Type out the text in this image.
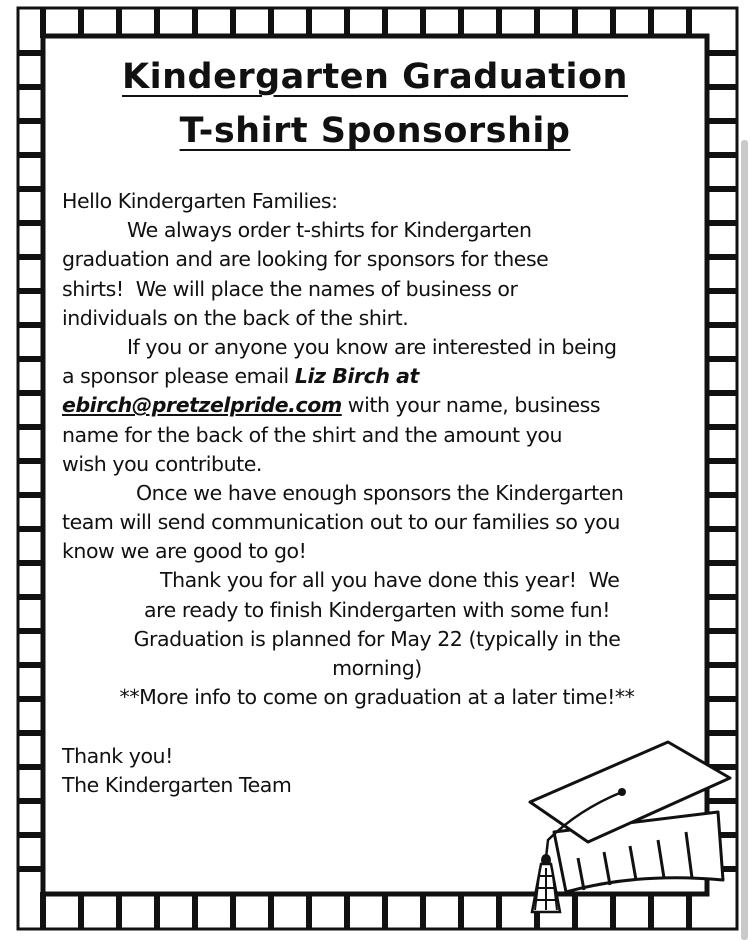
Kindergarten Graduation
T-shirt Sponsorship
Hello Kindergarten Families:
We always order t-shirts for Kindergarten
graduation and are looking for sponsors for these
shirts!  We will place the names of business or
individuals on the back of the shirt.
If you or anyone you know are interested in being
a sponsor please email Liz Birch at
ebirch@pretzelpride.com with your name, business
name for the back of the shirt and the amount you
wish you contribute.
Once we have enough sponsors the Kindergarten
team will send communication out to our families so you
know we are good to go!
Thank you for all you have done this year!  We
are ready to finish Kindergarten with some fun!
Graduation is planned for May 22 (typically in the
morning)
**More info to come on graduation at a later time!**
Thank you!
The Kindergarten Team
